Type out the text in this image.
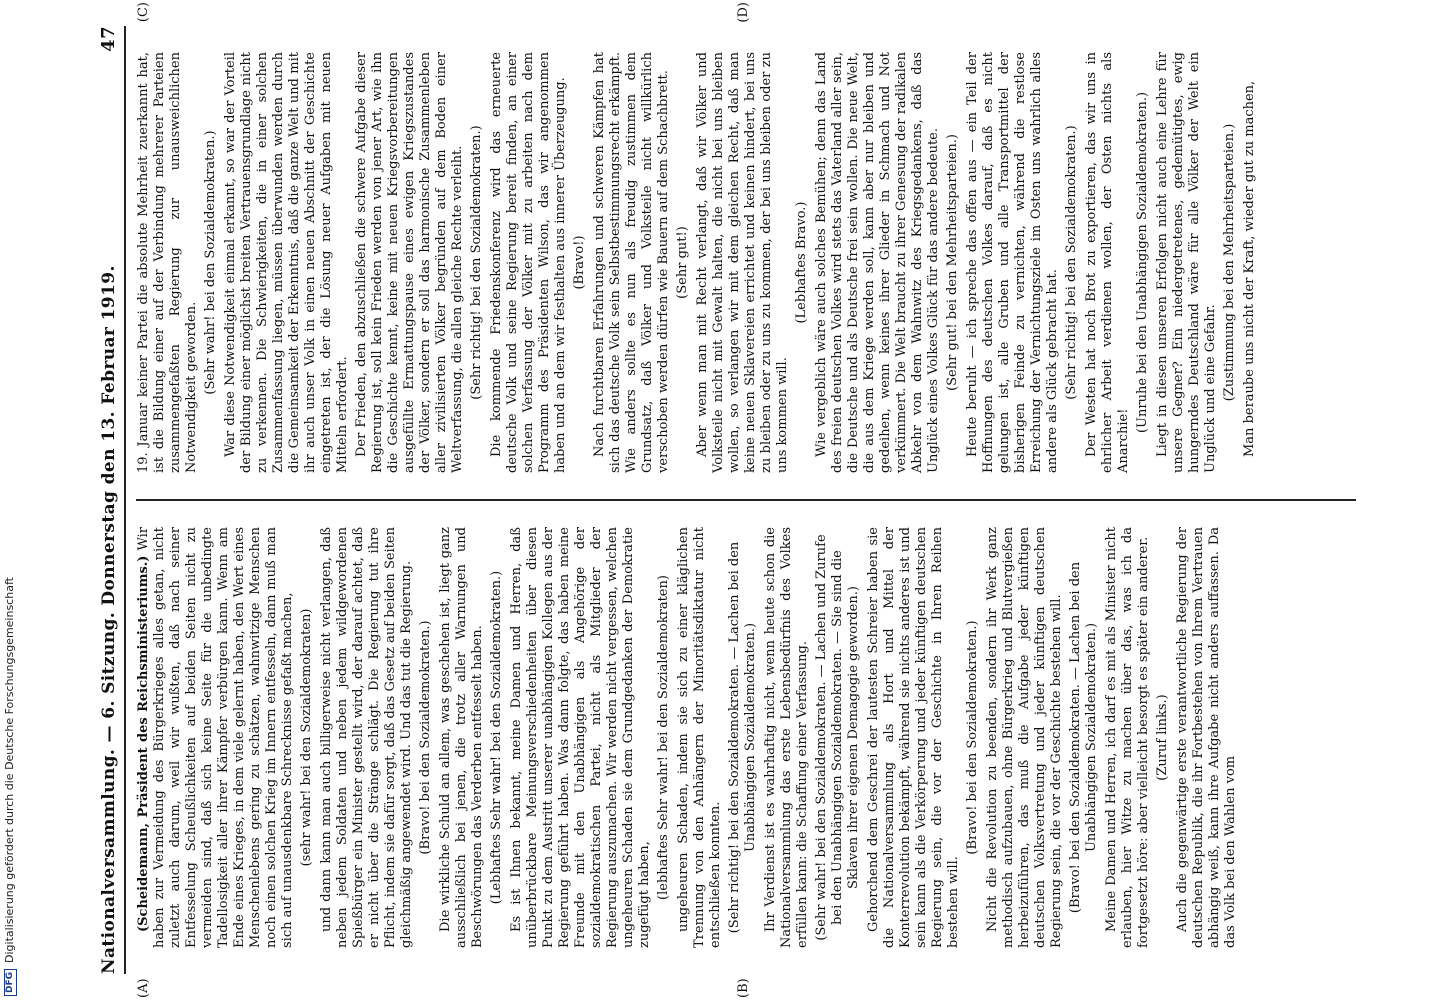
DFG
Digitalisierung gefördert durch die Deutsche Forschungsgemeinschaft	Nationalversammlung. — 6. Sitzung. Donnerstag den 13. Februar 1919.
47
(A)	(B)

(Scheidemann, Präsident des Reichsministeriums.) Wir haben zur Vermeidung des Bürgerkrieges alles getan, nicht zuletzt auch darum, weil wir wußten, daß nach seiner Entfesselung Scheußlichkeiten auf beiden Seiten nicht zu vermeiden sind, daß sich keine Seite für die unbedingte Tadellosigkeit aller ihrer Kämpfer verbürgen kann. Wenn am Ende eines Krieges, in dem viele gelernt haben, den Wert eines Menschenlebens gering zu schätzen, wahnwitzige Menschen noch einen solchen Krieg im Innern entfesseln, dann muß man sich auf unausdenkbare Schrecknisse gefaßt machen, (sehr wahr! bei den Sozialdemokraten) und dann kann man auch billigerweise nicht verlangen, daß neben jedem Soldaten und neben jedem wildgewordenen Spießbürger ein Minister gestellt wird, der darauf achtet, daß er nicht über die Stränge schlägt. Die Regierung tut ihre Pflicht, indem sie dafür sorgt, daß das Gesetz auf beiden Seiten gleichmäßig angewendet wird. Und das tut die Regierung. (Bravo! bei den Sozialdemokraten.) Die wirkliche Schuld an allem, was geschehen ist, liegt ganz ausschließlich bei jenen, die trotz aller Warnungen und Beschwörungen das Verderben entfesselt haben. (Lebhaftes Sehr wahr! bei den Sozialdemokraten.) Es ist Ihnen bekannt, meine Damen und Herren, daß unüberbrückbare Meinungsverschiedenheiten über diesen Punkt zu dem Austritt unserer unabhängigen Kollegen aus der Regierung geführt haben. Was dann folgte, das haben meine Freunde mit den Unabhängigen als Angehörige der sozialdemokratischen Partei, nicht als Mitglieder der Regierung auszumachen. Wir werden nicht vergessen, welchen ungeheuren Schaden sie dem Grundgedanken der Demokratie zugefügt haben, (lebhaftes Sehr wahr! bei den Sozialdemokraten) ungeheuren Schaden, indem sie sich zu einer kläglichen Trennung von den Anhängern der Minoritätsdiktatur nicht entschließen konnten. (Sehr richtig! bei den Sozialdemokraten. — Lachen bei den Unabhängigen Sozialdemokraten.) Ihr Verdienst ist es wahrhaftig nicht, wenn heute schon die Nationalversammlung das erste Lebensbedürfnis des Volkes erfüllen kann: die Schaffung einer Verfassung. (Sehr wahr! bei den Sozialdemokraten. — Lachen und Zurufe bei den Unabhängigen Sozialdemokraten. — Sie sind die Sklaven ihrer eigenen Demagogie geworden.) Gehorchend dem Geschrei der lautesten Schreier haben sie die Nationalversammlung als Hort und Mittel der Konterrevolution bekämpft, während sie nichts anderes ist und sein kann als die Verkörperung und jeder künftigen deutschen Regierung sein, die vor der Geschichte in Ihren Reihen bestehen will.

(Bravo! bei den Sozialdemokraten.) Nicht die Revolution zu beenden, sondern ihr Werk ganz methodisch aufzubauen, ohne Bürgerkrieg und Blutvergießen herbeizuführen, das muß die Aufgabe jeder künftigen deutschen Volksvertretung und jeder künftigen deutschen Regierung sein, die vor der Geschichte bestehen will. (Bravo! bei den Sozialdemokraten. — Lachen bei den Unabhängigen Sozialdemokraten.) Meine Damen und Herren, ich darf es mit als Minister nicht erlauben, hier Witze zu machen über das, was ich da fortgesetzt höre: aber vielleicht besorgt es später ein anderer. (Zuruf links.) Auch die gegenwärtige erste verantwortliche Regierung der deutschen Republik, die ihr Fortbestehen von Ihrem Vertrauen abhängig weiß, kann ihre Aufgabe nicht anders auffassen. Da das Volk bei den Wahlen vom

(C)	(D)

19. Januar keiner Partei die absolute Mehrheit zuerkannt hat, ist die Bildung einer auf der Verbindung mehrerer Parteien zusammengefaßten Regierung zur unausweichlichen Notwendigkeit geworden. (Sehr wahr! bei den Sozialdemokraten.) War diese Notwendigkeit einmal erkannt, so war der Vorteil der Bildung einer möglichst breiten Vertrauensgrundlage nicht zu verkennen. Die Schwierigkeiten, die in einer solchen Zusammenfassung liegen, müssen überwunden werden durch die Gemeinsamkeit der Erkenntnis, daß die ganze Welt und mit ihr auch unser Volk in einen neuen Abschnitt der Geschichte eingetreten ist, der die Lösung neuer Aufgaben mit neuen Mitteln erfordert. Der Frieden, den abzuschließen die schwere Aufgabe dieser Regierung ist, soll kein Frieden werden von jener Art, wie ihn die Geschichte kennt, keine mit neuen Kriegsvorbereitungen ausgefüllte Ermattungspause eines ewigen Kriegszustandes der Völker, sondern er soll das harmonische Zusammenleben aller zivilisierten Völker begründen auf dem Boden einer Weltverfassung, die allen gleiche Rechte verleiht. (Sehr richtig! bei den Sozialdemokraten.) Die kommende Friedenskonferenz wird das erneuerte deutsche Volk und seine Regierung bereit finden, an einer solchen Verfassung der Völker mit zu arbeiten nach dem Programm des Präsidenten Wilson, das wir angenommen haben und an dem wir festhalten aus innerer Überzeugung. (Bravo!) Nach furchtbaren Erfahrungen und schweren Kämpfen hat sich das deutsche Volk sein Selbstbestimmungsrecht erkämpft. Wie anders sollte es nun als freudig zustimmen dem Grundsatz, daß Völker und Volksteile nicht willkürlich verschoben werden dürfen wie Bauern auf dem Schachbrett. (Sehr gut!) Aber wenn man mit Recht verlangt, daß wir Völker und Volksteile nicht mit Gewalt halten, die nicht bei uns bleiben wollen, so verlangen wir mit dem gleichen Recht, daß man keine neuen Sklavereien errichtet und keinen hindert, bei uns zu bleiben oder zu uns zu kommen, der bei uns bleiben oder zu uns kommen will.

(Lebhaftes Bravo.) Wie vergeblich wäre auch solches Bemühen; denn das Land des freien deutschen Volkes wird stets das Vaterland aller sein, die Deutsche und als Deutsche frei sein wollen. Die neue Welt, die aus dem Kriege werden soll, kann aber nur bleiben und gedeihen, wenn keines ihrer Glieder in Schmach und Not verkümmert. Die Welt braucht zu ihrer Genesung der radikalen Abkehr von dem Wahnwitz des Kriegsgedankens, daß das Unglück eines Volkes Glück für das andere bedeute. (Sehr gut! bei den Mehrheitsparteien.) Heute beruht — ich spreche das offen aus — ein Teil der Hoffnungen des deutschen Volkes darauf, daß es nicht gelungen ist, alle Gruben und alle Transportmittel der bisherigen Feinde zu vernichten, während die restlose Erreichung der Vernichtungsziele im Osten uns wahrlich alles andere als Glück gebracht hat. (Sehr richtig! bei den Sozialdemokraten.) Der Westen hat noch Brot zu exportieren, das wir uns in ehrlicher Arbeit verdienen wollen, der Osten nichts als Anarchie!

(Unruhe bei den Unabhängigen Sozialdemokraten.) Liegt in diesen unseren Erfolgen nicht auch eine Lehre für unsere Gegner? Ein niedergetretenes, gedemütigtes, ewig hungerndes Deutschland wäre für alle Völker der Welt ein Unglück und eine Gefahr. (Zustimmung bei den Mehrheitsparteien.) Man beraube uns nicht der Kraft, wieder gut zu machen,
